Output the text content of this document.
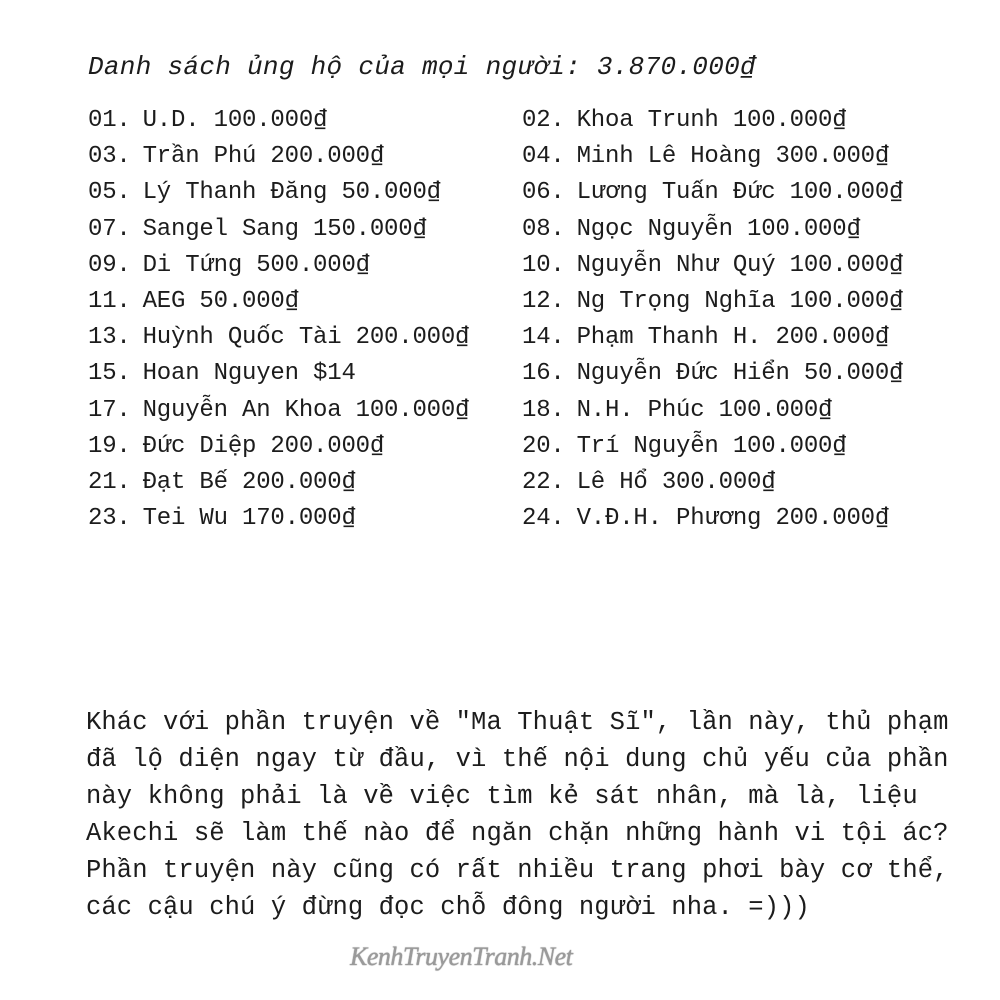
Danh sách ủng hộ của mọi người: 3.870.000₫
01. U.D. 100.000₫
03. Trần Phú 200.000₫
05. Lý Thanh Đăng 50.000₫
07. Sangel Sang 150.000₫
09. Di Tứng 500.000₫
11. AEG 50.000₫
13. Huỳnh Quốc Tài 200.000₫
15. Hoan Nguyen $14
17. Nguyễn An Khoa 100.000₫
19. Đức Diệp 200.000₫
21. Đạt Bế 200.000₫
23. Tei Wu 170.000₫
02. Khoa Trunh 100.000₫
04. Minh Lê Hoàng 300.000₫
06. Lương Tuấn Đức 100.000₫
08. Ngọc Nguyễn 100.000₫
10. Nguyễn Như Quý 100.000₫
12. Ng Trọng Nghĩa 100.000₫
14. Phạm Thanh H. 200.000₫
16. Nguyễn Đức Hiển 50.000₫
18. N.H. Phúc 100.000₫
20. Trí Nguyễn 100.000₫
22. Lê Hổ 300.000₫
24. V.Đ.H. Phương 200.000₫
Khác với phần truyện về "Ma Thuật Sĩ", lần này, thủ phạm
đã lộ diện ngay từ đầu, vì thế nội dung chủ yếu của phần
này không phải là về việc tìm kẻ sát nhân, mà là, liệu
Akechi sẽ làm thế nào để ngăn chặn những hành vi tội ác?
Phần truyện này cũng có rất nhiều trang phơi bày cơ thể,
các cậu chú ý đừng đọc chỗ đông người nha. =)))
KenhTruyenTranh.Net
